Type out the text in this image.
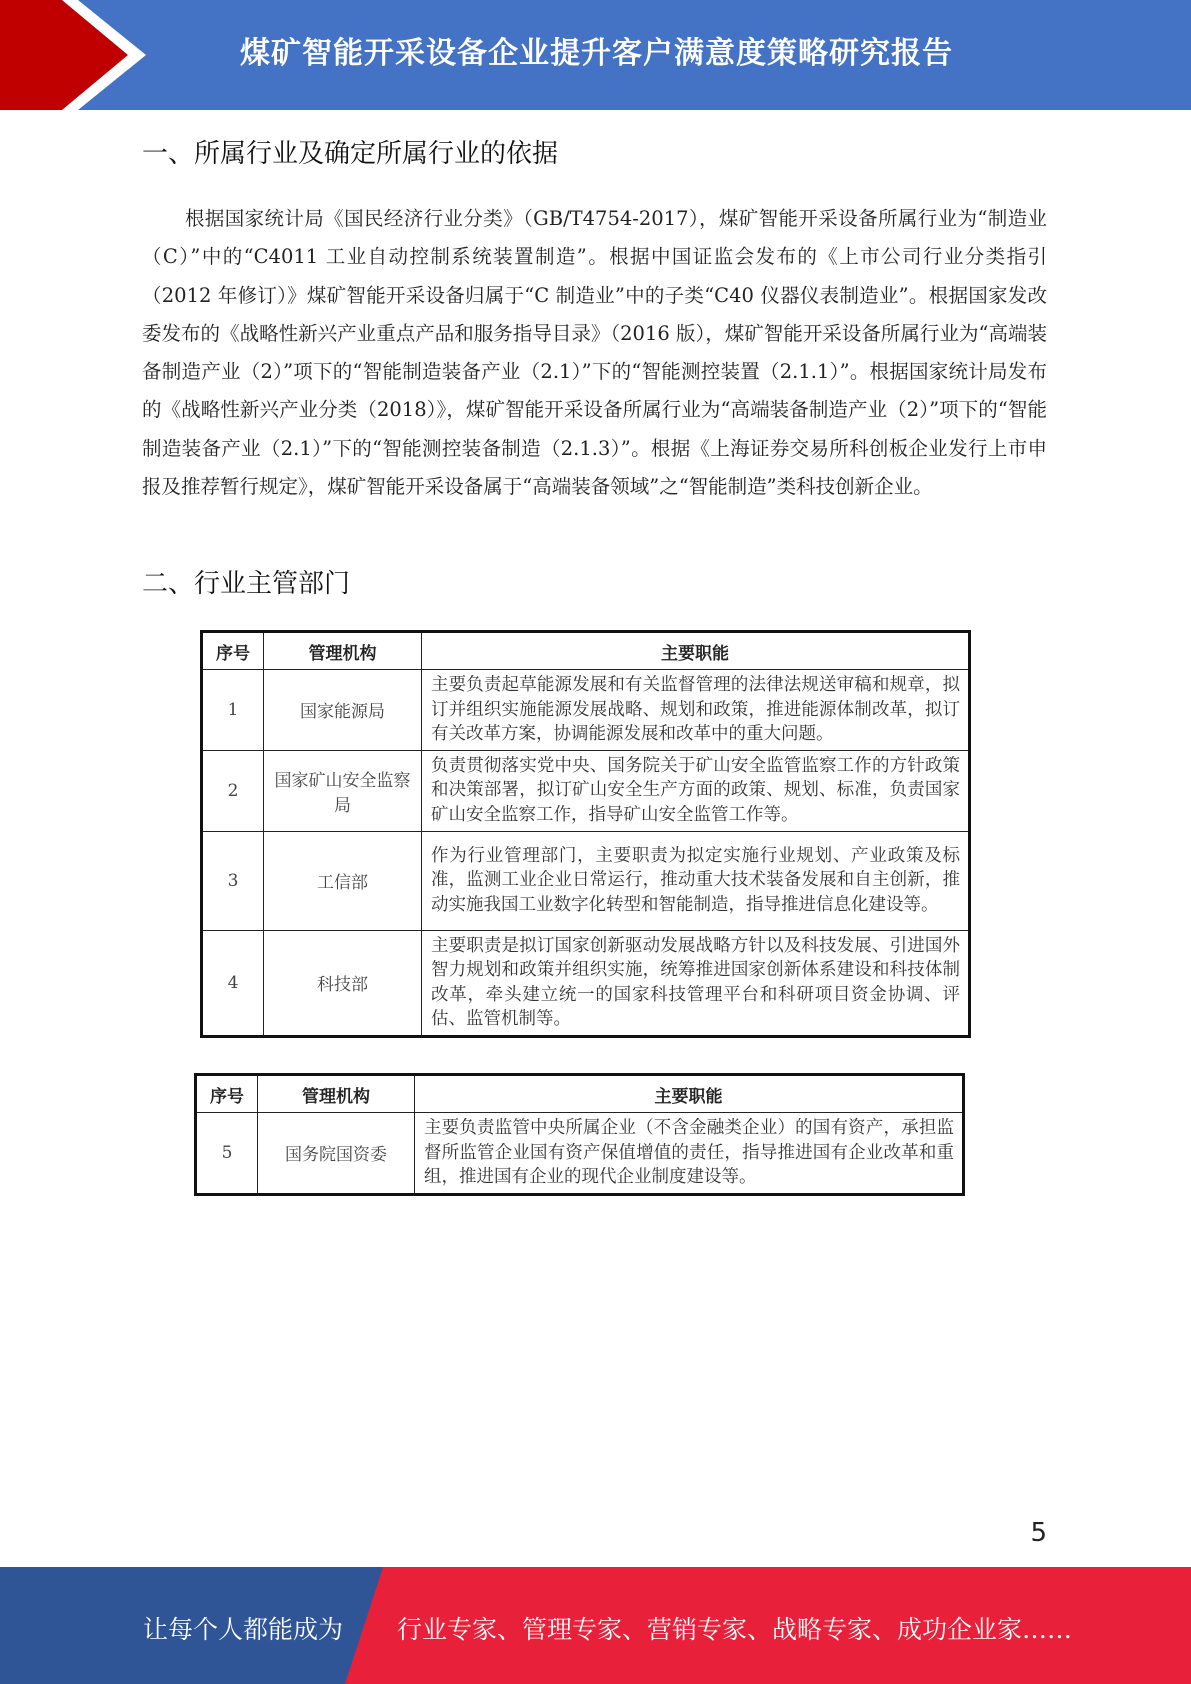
煤矿智能开采设备企业提升客户满意度策略研究报告
一、所属行业及确定所属行业的依据
根据国家统计局《国民经济行业分类》（GB/T4754-2017），煤矿智能开采设备所属行业为“制造业（C）”中的“C4011 工业自动控制系统装置制造”。根据中国证监会发布的《上市公司行业分类指引（2012 年修订）》煤矿智能开采设备归属于“C 制造业”中的子类“C40 仪器仪表制造业”。根据国家发改委发布的《战略性新兴产业重点产品和服务指导目录》（2016 版），煤矿智能开采设备所属行业为“高端装备制造产业（2）”项下的“智能制造装备产业（2.1）”下的“智能测控装置（2.1.1）”。根据国家统计局发布的《战略性新兴产业分类（2018）》，煤矿智能开采设备所属行业为“高端装备制造产业（2）”项下的“智能制造装备产业（2.1）”下的“智能测控装备制造（2.1.3）”。根据《上海证券交易所科创板企业发行上市申报及推荐暂行规定》，煤矿智能开采设备属于“高端装备领域”之“智能制造”类科技创新企业。
二、行业主管部门
序号	管理机构	主要职能
1	国家能源局	主要负责起草能源发展和有关监督管理的法律法规送审稿和规章，拟订并组织实施能源发展战略、规划和政策，推进能源体制改革，拟订有关改革方案，协调能源发展和改革中的重大问题。
2	国家矿山安全监察局	负责贯彻落实党中央、国务院关于矿山安全监管监察工作的方针政策和决策部署，拟订矿山安全生产方面的政策、规划、标准，负责国家矿山安全监察工作，指导矿山安全监管工作等。
3	工信部	作为行业管理部门，主要职责为拟定实施行业规划、产业政策及标准，监测工业企业日常运行，推动重大技术装备发展和自主创新，推动实施我国工业数字化转型和智能制造，指导推进信息化建设等。
4	科技部	主要职责是拟订国家创新驱动发展战略方针以及科技发展、引进国外智力规划和政策并组织实施，统筹推进国家创新体系建设和科技体制改革，牵头建立统一的国家科技管理平台和科研项目资金协调、评估、监管机制等。
序号	管理机构	主要职能
5	国务院国资委	主要负责监管中央所属企业（不含金融类企业）的国有资产，承担监督所监管企业国有资产保值增值的责任，指导推进国有企业改革和重组，推进国有企业的现代企业制度建设等。
5
让每个人都能成为 行业专家、管理专家、营销专家、战略专家、成功企业家……
